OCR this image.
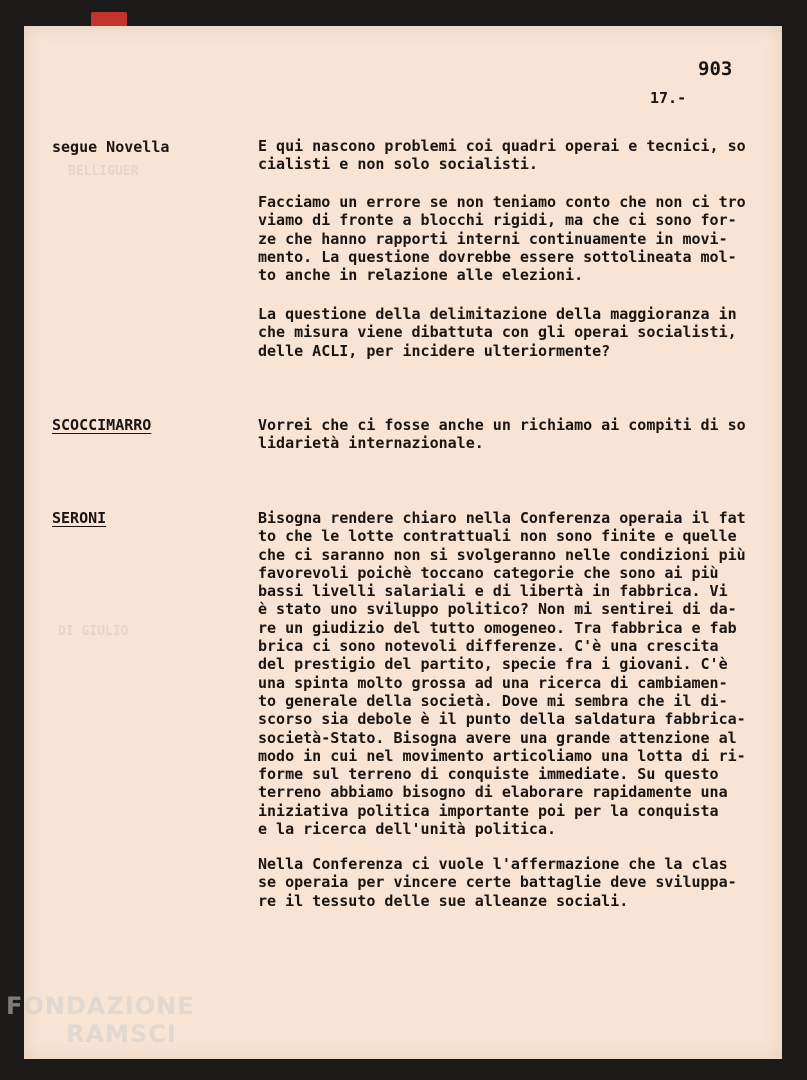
BELLIGUER
DI GIULIO
903
17.-
segue Novella	E qui nascono problemi coi quadri operai e tecnici, so
cialisti e non solo socialisti.
Facciamo un errore se non teniamo conto che non ci tro
viamo di fronte a blocchi rigidi, ma che ci sono for-
ze che hanno rapporti interni continuamente in movi-
mento. La questione dovrebbe essere sottolineata mol-
to anche in relazione alle elezioni.
La questione della delimitazione della maggioranza in
che misura viene dibattuta con gli operai socialisti,
delle ACLI, per incidere ulteriormente?
SCOCCIMARRO	Vorrei che ci fosse anche un richiamo ai compiti di so
lidarietà internazionale.
SERONI	Bisogna rendere chiaro nella Conferenza operaia il fat
to che le lotte contrattuali non sono finite e quelle
che ci saranno non si svolgeranno nelle condizioni più
favorevoli poichè toccano categorie che sono ai più
bassi livelli salariali e di libertà in fabbrica. Vi
è stato uno sviluppo politico? Non mi sentirei di da-
re un giudizio del tutto omogeneo. Tra fabbrica e fab
brica ci sono notevoli differenze. C'è una crescita
del prestigio del partito, specie fra i giovani. C'è
una spinta molto grossa ad una ricerca di cambiamen-
to generale della società. Dove mi sembra che il di-
scorso sia debole è il punto della saldatura fabbrica-
società-Stato. Bisogna avere una grande attenzione al
modo in cui nel movimento articoliamo una lotta di ri-
forme sul terreno di conquiste immediate. Su questo
terreno abbiamo bisogno di elaborare rapidamente una
iniziativa politica importante poi per la conquista
e la ricerca dell'unità politica.
Nella Conferenza ci vuole l'affermazione che la clas
se operaia per vincere certe battaglie deve sviluppa-
re il tessuto delle sue alleanze sociali.
FONDAZIONE
RAMSCI
